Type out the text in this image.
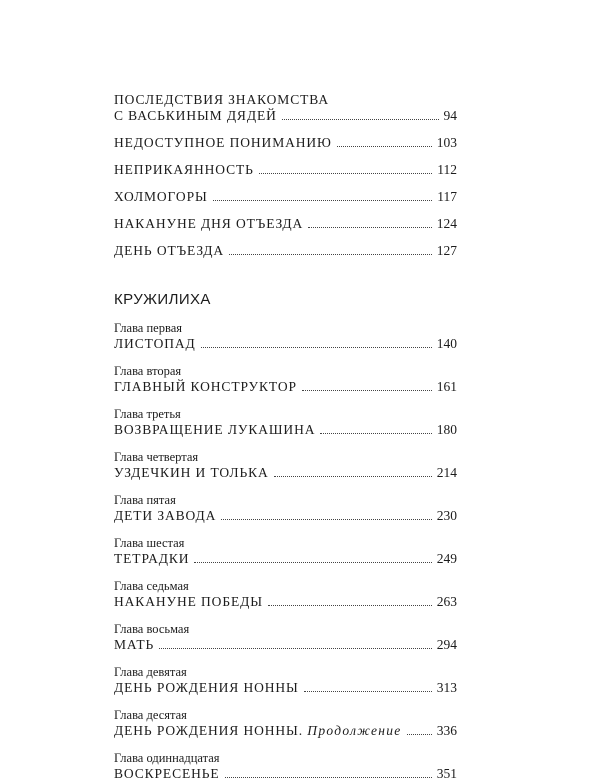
ПОСЛЕДСТВИЯ ЗНАКОМСТВА
С ВАСЬКИНЫМ ДЯДЕЙ	94
НЕДОСТУПНОЕ ПОНИМАНИЮ	103
НЕПРИКАЯННОСТЬ	112
ХОЛМОГОРЫ	117
НАКАНУНЕ ДНЯ ОТЪЕЗДА	124
ДЕНЬ ОТЪЕЗДА	127
КРУЖИЛИХА
Глава первая
ЛИСТОПАД	140
Глава вторая
ГЛАВНЫЙ КОНСТРУКТОР	161
Глава третья
ВОЗВРАЩЕНИЕ ЛУКАШИНА	180
Глава четвертая
УЗДЕЧКИН И ТОЛЬКА	214
Глава пятая
ДЕТИ ЗАВОДА	230
Глава шестая
ТЕТРАДКИ	249
Глава седьмая
НАКАНУНЕ ПОБЕДЫ	263
Глава восьмая
МАТЬ	294
Глава девятая
ДЕНЬ РОЖДЕНИЯ НОННЫ	313
Глава десятая
ДЕНЬ РОЖДЕНИЯ НОННЫ. Продолжение	336
Глава одиннадцатая
ВОСКРЕСЕНЬЕ	351
